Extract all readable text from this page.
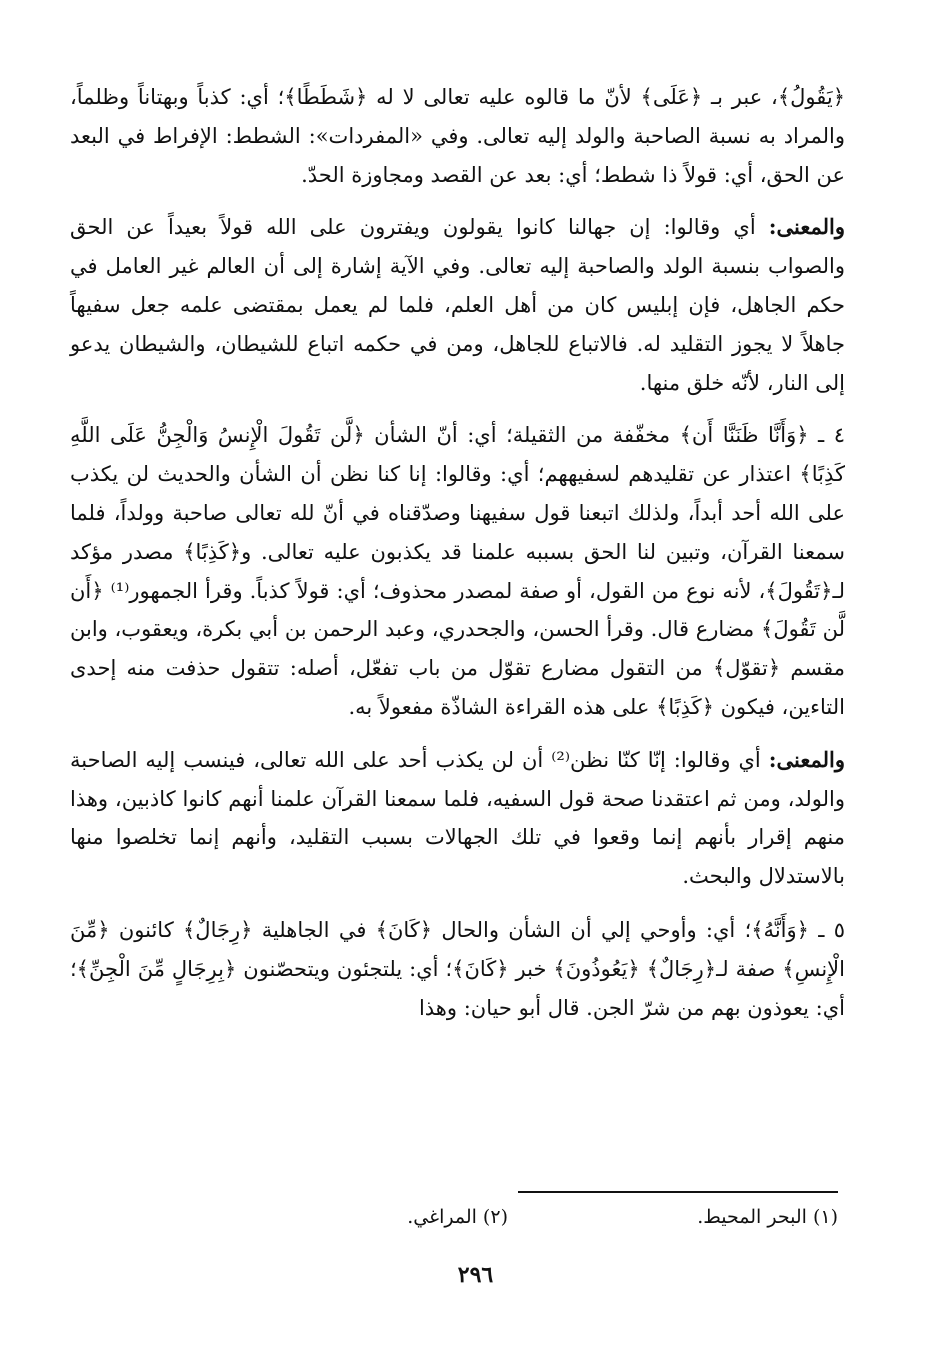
﴿يَقُولُ﴾، عبر بـ ﴿عَلَى﴾ لأنّ ما قالوه عليه تعالى لا له ﴿شَطَطًا﴾؛ أي: كذباً وبهتاناً وظلماً، والمراد به نسبة الصاحبة والولد إليه تعالى. وفي «المفردات»: الشطط: الإفراط في البعد عن الحق، أي: قولاً ذا شطط؛ أي: بعد عن القصد ومجاوزة الحدّ.

والمعنى: أي وقالوا: إن جهالنا كانوا يقولون ويفترون على الله قولاً بعيداً عن الحق والصواب بنسبة الولد والصاحبة إليه تعالى. وفي الآية إشارة إلى أن العالم غير العامل في حكم الجاهل، فإن إبليس كان من أهل العلم، فلما لم يعمل بمقتضى علمه جعل سفيهاً جاهلاً لا يجوز التقليد له. فالاتباع للجاهل، ومن في حكمه اتباع للشيطان، والشيطان يدعو إلى النار، لأنّه خلق منها.

٤ ـ ﴿وَأَنَّا ظَنَنَّا أَن﴾ مخفّفة من الثقيلة؛ أي: أنّ الشأن ﴿لَّن تَقُولَ الْإِنسُ وَالْجِنُّ عَلَى اللَّهِ كَذِبًا﴾ اعتذار عن تقليدهم لسفيههم؛ أي: وقالوا: إنا كنا نظن أن الشأن والحديث لن يكذب على الله أحد أبداً، ولذلك اتبعنا قول سفيهنا وصدّقناه في أنّ لله تعالى صاحبة وولداً، فلما سمعنا القرآن، وتبين لنا الحق بسببه علمنا قد يكذبون عليه تعالى. و﴿كَذِبًا﴾ مصدر مؤكد لـ﴿تَقُولَ﴾، لأنه نوع من القول، أو صفة لمصدر محذوف؛ أي: قولاً كذباً. وقرأ الجمهور⁽¹⁾ ﴿أَن لَّن تَقُولَ﴾ مضارع قال. وقرأ الحسن، والجحدري، وعبد الرحمن بن أبي بكرة، ويعقوب، وابن مقسم ﴿تقوّل﴾ من التقول مضارع تقوّل من باب تفعّل، أصله: تتقول حذفت منه إحدى التاءين، فيكون ﴿كَذِبًا﴾ على هذه القراءة الشاذّة مفعولاً به.

والمعنى: أي وقالوا: إنّا كنّا نظن⁽²⁾ أن لن يكذب أحد على الله تعالى، فينسب إليه الصاحبة والولد، ومن ثم اعتقدنا صحة قول السفيه، فلما سمعنا القرآن علمنا أنهم كانوا كاذبين، وهذا منهم إقرار بأنهم إنما وقعوا في تلك الجهالات بسبب التقليد، وأنهم إنما تخلصوا منها بالاستدلال والبحث.

٥ ـ ﴿وَأَنَّهُ﴾؛ أي: وأوحي إلي أن الشأن والحال ﴿كَانَ﴾ في الجاهلية ﴿رِجَالٌ﴾ كائنون ﴿مِّنَ الْإِنسِ﴾ صفة لـ﴿رِجَالٌ﴾ ﴿يَعُوذُونَ﴾ خبر ﴿كَانَ﴾؛ أي: يلتجئون ويتحصّنون ﴿بِرِجَالٍ مِّنَ الْجِنِّ﴾؛ أي: يعوذون بهم من شرّ الجن. قال أبو حيان: وهذا

(١) البحر المحيط.
(٢) المراغي.
٢٩٦
